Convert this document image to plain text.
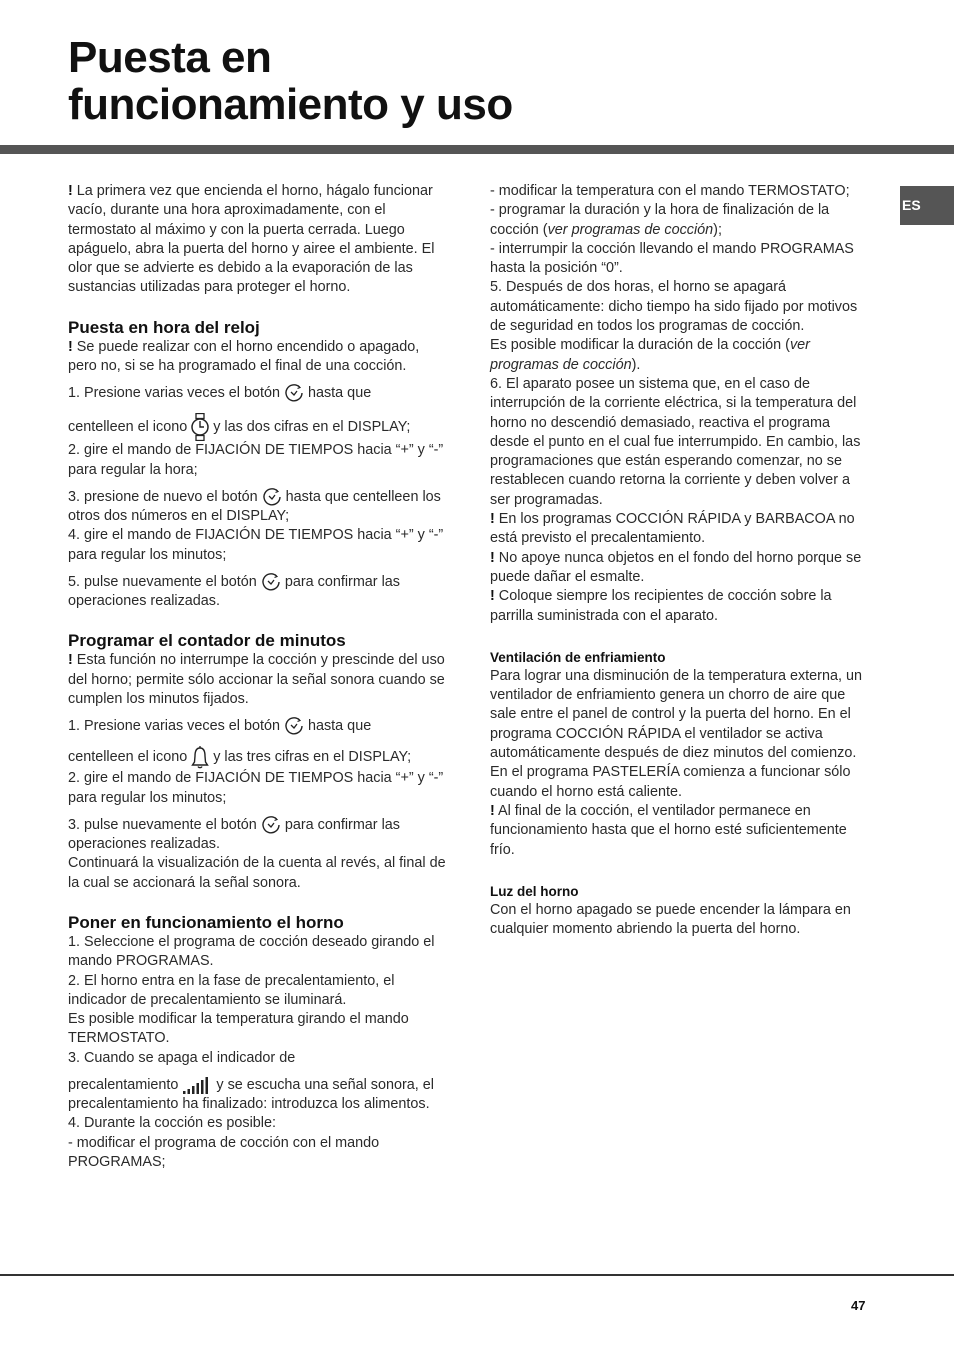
Puesta en
funcionamiento y uso
ES

! La primera vez que encienda el horno, hágalo funcionar vacío, durante una hora aproximadamente, con el termostato al máximo y con la puerta cerrada. Luego apáguelo, abra la puerta del horno y airee el ambiente. El olor que se advierte es debido a la evaporación de las sustancias utilizadas para proteger el horno.

Puesta en hora del reloj

! Se puede realizar con el horno encendido o apagado, pero no, si se ha programado el final de una cocción.

1. Presione varias veces el botón hasta que

centelleen el icono y las dos cifras en el DISPLAY;

2. gire el mando de FIJACIÓN DE TIEMPOS hacia “+” y “-” para regular la hora;

3. presione de nuevo el botón hasta que centelleen los otros dos números en el DISPLAY;

4. gire el mando de FIJACIÓN DE TIEMPOS hacia “+” y “-” para regular los minutos;

5. pulse nuevamente el botón para confirmar las operaciones realizadas.

Programar el contador de minutos

! Esta función no interrumpe la cocción y prescinde del uso del horno; permite sólo accionar la señal sonora cuando se cumplen los minutos fijados.

1. Presione varias veces el botón hasta que

centelleen el icono y las tres cifras en el DISPLAY;

2. gire el mando de FIJACIÓN DE TIEMPOS hacia “+” y “-” para regular los minutos;

3. pulse nuevamente el botón para confirmar las operaciones realizadas.

Continuará la visualización de la cuenta al revés, al final de la cual se accionará la señal sonora.

Poner en funcionamiento el horno

1. Seleccione el programa de cocción deseado girando el mando PROGRAMAS.

2. El horno entra en la fase de precalentamiento, el indicador de precalentamiento se iluminará.

Es posible modificar la temperatura girando el mando TERMOSTATO.

3. Cuando se apaga el indicador de

precalentamiento	y se escucha una señal sonora, el precalentamiento ha finalizado: introduzca los alimentos.

4. Durante la cocción es posible:

- modificar el programa de cocción con el mando PROGRAMAS;

- modificar la temperatura con el mando TERMOSTATO;

- programar la duración y la hora de finalización de la cocción (ver programas de cocción);

- interrumpir la cocción llevando el mando PROGRAMAS hasta la posición “0”.

5. Después de dos horas, el horno se apagará automáticamente: dicho tiempo ha sido fijado por motivos de seguridad en todos los programas de cocción.

Es posible modificar la duración de la cocción (ver programas de cocción).

6. El aparato posee un sistema que, en el caso de interrupción de la corriente eléctrica, si la temperatura del horno no descendió demasiado, reactiva el programa desde el punto en el cual fue interrumpido. En cambio, las programaciones que están esperando comenzar, no se restablecen cuando retorna la corriente y deben volver a ser programadas.

! En los programas COCCIÓN RÁPIDA y BARBACOA no está previsto el precalentamiento.

! No apoye nunca objetos en el fondo del horno porque se puede dañar el esmalte.

! Coloque siempre los recipientes de cocción sobre la parrilla suministrada con el aparato.

Ventilación de enfriamiento

Para lograr una disminución de la temperatura externa, un ventilador de enfriamiento genera un chorro de aire que sale entre el panel de control y la puerta del horno. En el programa COCCIÓN RÁPIDA el ventilador se activa automáticamente después de diez minutos del comienzo. En el programa PASTELERÍA comienza a funcionar sólo cuando el horno está caliente.

! Al final de la cocción, el ventilador permanece en funcionamiento hasta que el horno esté suficientemente frío.

Luz del horno

Con el horno apagado se puede encender la lámpara en cualquier momento abriendo la puerta del horno.

47
